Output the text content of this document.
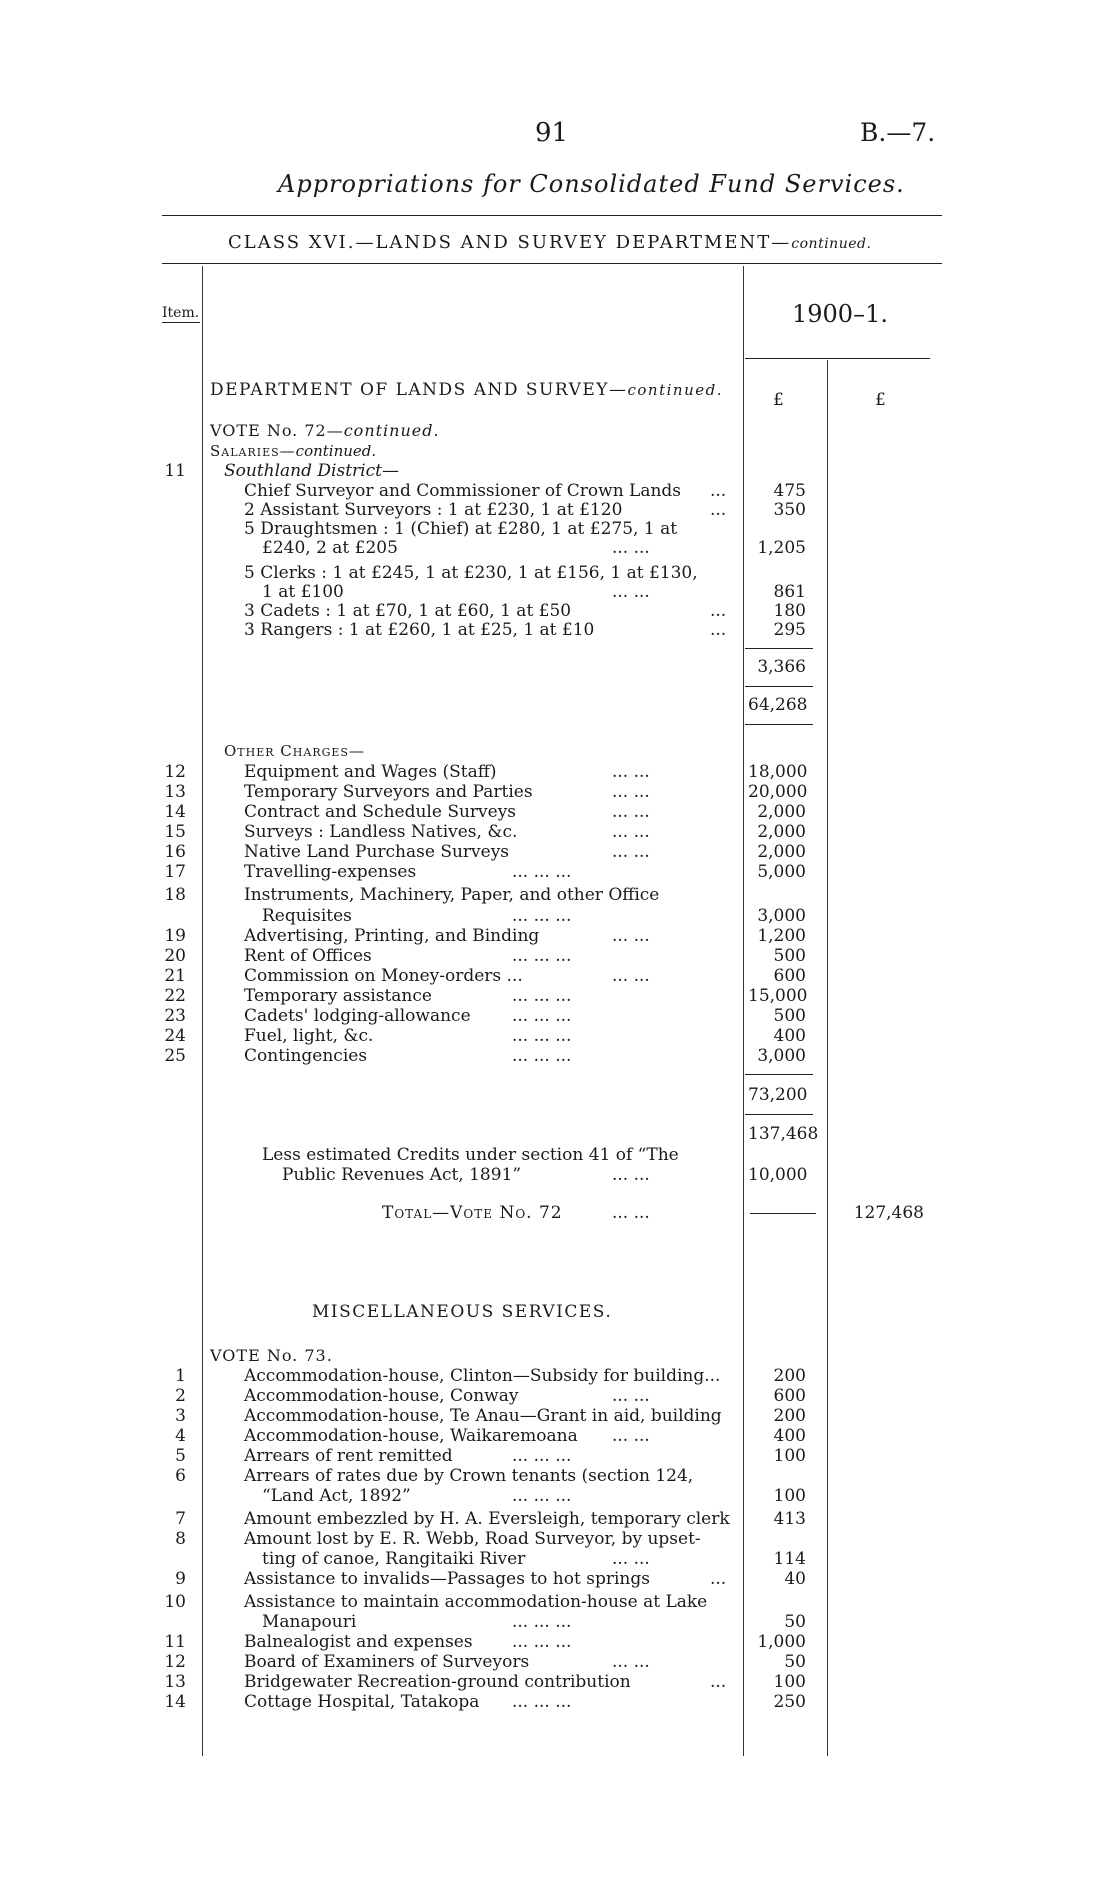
91	B.—7.
Appropriations for Consolidated Fund Services.
CLASS XVI.—LANDS AND SURVEY DEPARTMENT—continued.
Item.	1900–1.
£	£
DEPARTMENT OF LANDS AND SURVEY—continued.
VOTE No. 72—continued.
Salaries—continued.
11 Southland District—
Chief Surveyor and Commissioner of Crown Lands ...	475
2 Assistant Surveyors : 1 at £230, 1 at £120	...	350
5 Draughtsmen : 1 (Chief) at £280, 1 at £275, 1 at
£240, 2 at £205	... ...	1,205
5 Clerks : 1 at £245, 1 at £230, 1 at £156, 1 at £130,
1 at £100	... ...	861
3 Cadets : 1 at £70, 1 at £60, 1 at £50	...	180
3 Rangers : 1 at £260, 1 at £25, 1 at £10	...	295
3,366
64,268
Other Charges—
12	Equipment and Wages (Staff)	... ...	18,000
13	Temporary Surveyors and Parties	... ...	20,000
14	Contract and Schedule Surveys	... ...	2,000
15	Surveys : Landless Natives, &c.	... ...	2,000
16	Native Land Purchase Surveys	... ...	2,000
17	Travelling-expenses	... ... ...	5,000
18	Instruments, Machinery, Paper, and other Office
Requisites	... ... ...	3,000
19	Advertising, Printing, and Binding	... ...	1,200
20	Rent of Offices	... ... ...	500
21	Commission on Money-orders ...	... ...	600
22	Temporary assistance	... ... ...	15,000
23	Cadets' lodging-allowance ... ... ...	500
24	Fuel, light, &c.	... ... ...	400
25	Contingencies	... ... ...	3,000
73,200
137,468
Less estimated Credits under section 41 of “The
Public Revenues Act, 1891”	... ...	10,000
Total—Vote No. 72	... ...	127,468
MISCELLANEOUS SERVICES.
VOTE No. 73.
1	Accommodation-house, Clinton—Subsidy for building...	200
2	Accommodation-house, Conway	... ...	600
3	Accommodation-house, Te Anau—Grant in aid, building	200
4	Accommodation-house, Waikaremoana ... ...	400
5	Arrears of rent remitted	... ... ...	100
6	Arrears of rates due by Crown tenants (section 124,
“Land Act, 1892”	... ... ...	100
7	Amount embezzled by H. A. Eversleigh, temporary clerk	413
8	Amount lost by E. R. Webb, Road Surveyor, by upset-
ting of canoe, Rangitaiki River	... ...	114
9	Assistance to invalids—Passages to hot springs	...	40
10	Assistance to maintain accommodation-house at Lake
Manapouri	... ... ...	50
11	Balnealogist and expenses ... ... ...	1,000
12	Board of Examiners of Surveyors	... ...	50
13	Bridgewater Recreation-ground contribution	...	100
14	Cottage Hospital, Tatakopa ... ... ...	250
